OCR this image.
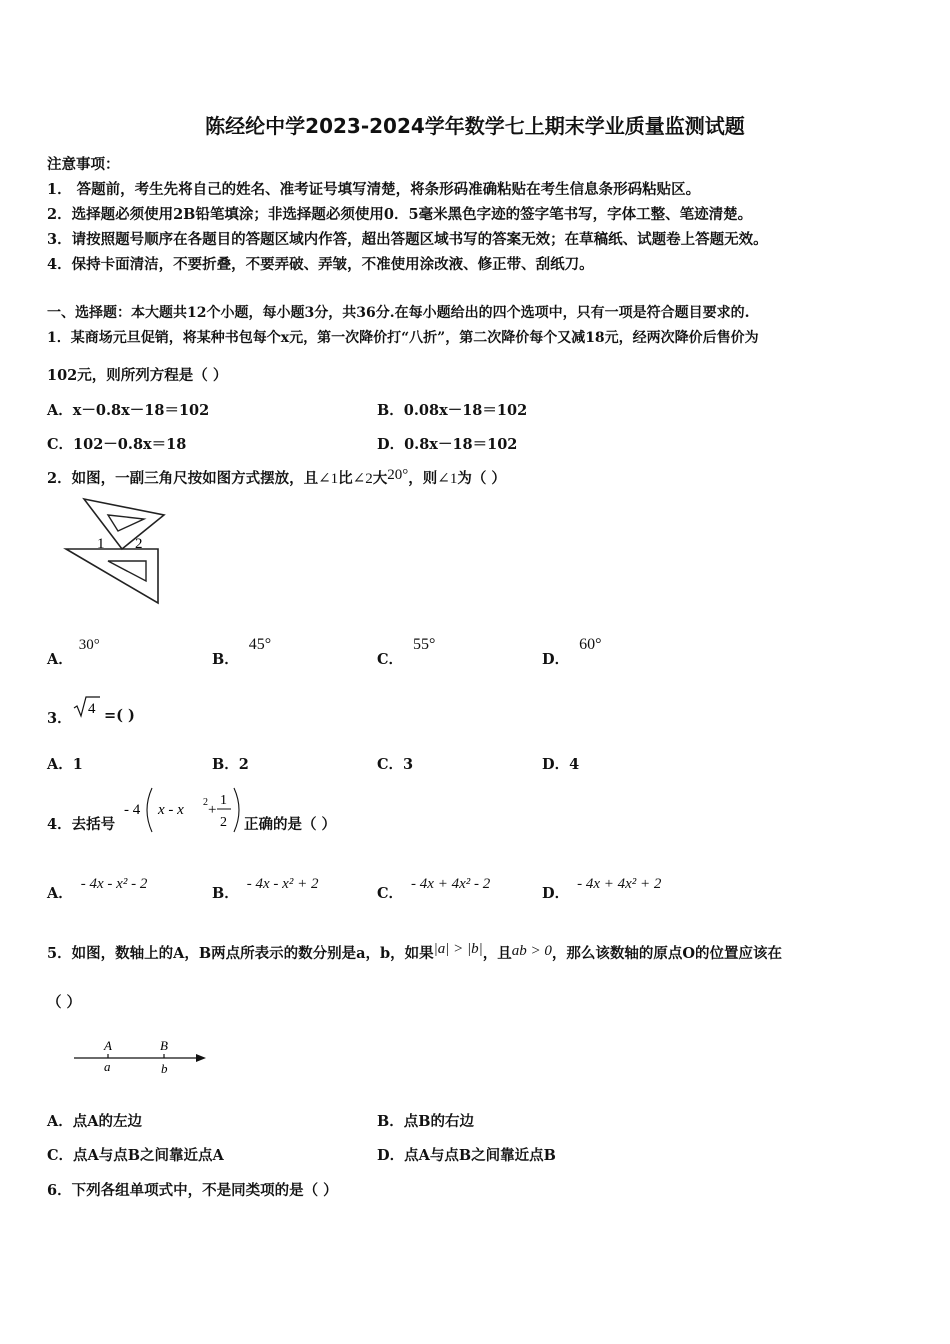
陈经纶中学2023-2024学年数学七上期末学业质量监测试题
注意事项：
1． 答题前，考生先将自己的姓名、准考证号填写清楚，将条形码准确粘贴在考生信息条形码粘贴区。
2．选择题必须使用2B铅笔填涂；非选择题必须使用0．5毫米黑色字迹的签字笔书写，字体工整、笔迹清楚。
3．请按照题号顺序在各题目的答题区域内作答，超出答题区域书写的答案无效；在草稿纸、试题卷上答题无效。
4．保持卡面清洁，不要折叠，不要弄破、弄皱，不准使用涂改液、修正带、刮纸刀。
一、选择题：本大题共12个小题，每小题3分，共36分.在每小题给出的四个选项中，只有一项是符合题目要求的.
1．某商场元旦促销，将某种书包每个x元，第一次降价打“八折”，第二次降价每个又减18元，经两次降价后售价为
102元，则所列方程是（ ）
A．x－0.8x－18＝102	B．0.08x－18＝102
C．102－0.8x＝18	D．0.8x－18＝102
2．如图，一副三角尺按如图方式摆放，且∠1比∠2大20°，则∠1为（ ）
1 2
A．30°
B．45°
C．55°
D．60°
3．
4 =( )
A．1	B．2	C．3	D．4
4．去括号
- 4 x - x 2 +
1
2 正确的是（ ）
A．- 4x - x² - 2
B．- 4x - x² + 2
C．- 4x + 4x² - 2
D．- 4x + 4x² + 2
5．如图，数轴上的A，B两点所表示的数分别是a，b，如果|a| > |b|，且ab > 0，那么该数轴的原点O的位置应该在
（ ）
A	B
a	b
A．点A的左边	B．点B的右边
C．点A与点B之间靠近点A	D．点A与点B之间靠近点B
6．下列各组单项式中，不是同类项的是（ ）
